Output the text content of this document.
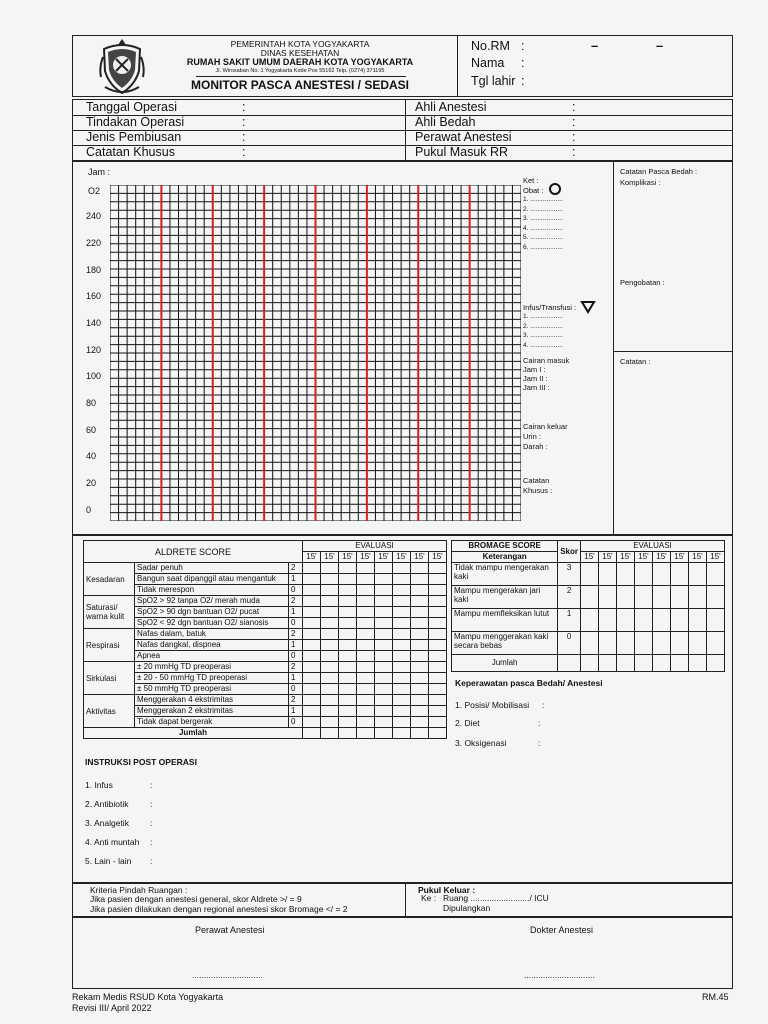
PEMERINTAH KOTA YOGYAKARTA
DINAS KESEHATAN
RUMAH SAKIT UMUM DAERAH KOTA YOGYAKARTA
Jl. Wirosaban No. 1 Yogyakarta Kode Pos 55162 Telp. (0274) 371195
MONITOR PASCA ANESTESI / SEDASI
No.RM :	–	–
Nama :
Tgl lahir :
Tanggal Operasi	:
Tindakan Operasi	:
Jenis Pembiusan	:
Catatan Khusus	:
Ahli Anestesi	:
Ahli Bedah	:
Perawat Anestesi	:
Pukul Masuk RR	:
Jam :
O2
240
220
180
160
140
120
100
80
60
40
20
0
Ket :
Obat :
1. ..................
2. ..................
3. ..................
4. ..................
5. ..................
6. ..................
Infus/Transfusi :
1. ..................
2. ..................
3. ..................
4. ..................
Cairan masuk
Jam I :
Jam II :
Jam III :
Cairan keluar
Urin :
Darah :
Catatan
Khusus :
Catatan Pasca Bedah :
Komplikasi :
Pengobatan :
Catatan :
ALDRETE SCORE			EVALUASI							
			15'	15'	15'	15'	15'	15'	15'	15'
Kesadaran	Sadar penuh	2								
	Bangun saat dipanggil atau mengantuk	1								
	Tidak merespon	0								
Saturasi/ warna kulit	SpO2 > 92 tanpa O2/ merah muda	2								
	SpO2 > 90 dgn bantuan O2/ pucat	1								
	SpO2 < 92 dgn bantuan O2/ sianosis	0								
Respirasi	Nafas dalam, batuk	2								
	Nafas dangkal, dispnea	1								
	Apnea	0								
Sirkulasi	± 20 mmHg TD preoperasi	2								
	± 20 - 50 mmHg TD preoperasi	1								
	± 50 mmHg TD preoperasi	0								
Aktivitas	Menggerakan 4 ekstrimitas	2								
	Menggerakan 2 ekstrimitas	1								
	Tidak dapat bergerak	0								
Jumlah										
BROMAGE SCORE	Skor	EVALUASI							
Keterangan		15'	15'	15'	15'	15'	15'	15'	15'
Tidak mampu mengerakan kaki	3								
Mampu mengerakan jari kaki	2								
Mampu memfleksikan lutut	1								
Mampu menggerakan kaki secara bebas	0								
Jumlah									
Keperawatan pasca Bedah/ Anestesi
1. Posisi/ Mobilisasi :
2. Diet	:
3. Oksigenasi	:
INSTRUKSI POST OPERASI
1. Infus	:
2. Antibiotik	:
3. Analgetik :
4. Anti muntah :
5. Lain - lain :
Kriteria Pindah Ruangan :
Jika pasien dengan anestesi general, skor Aldrete >/ = 9
Jika pasien dilakukan dengan regional anestesi skor Bromage </ = 2
Pukul Keluar :
Ke : Ruang ........................./ ICU
Dipulangkan
Perawat Anestesi	Dokter Anestesi
..............................	..............................
Rekam Medis RSUD Kota Yogyakarta
Revisi III/ April 2022
RM.45
